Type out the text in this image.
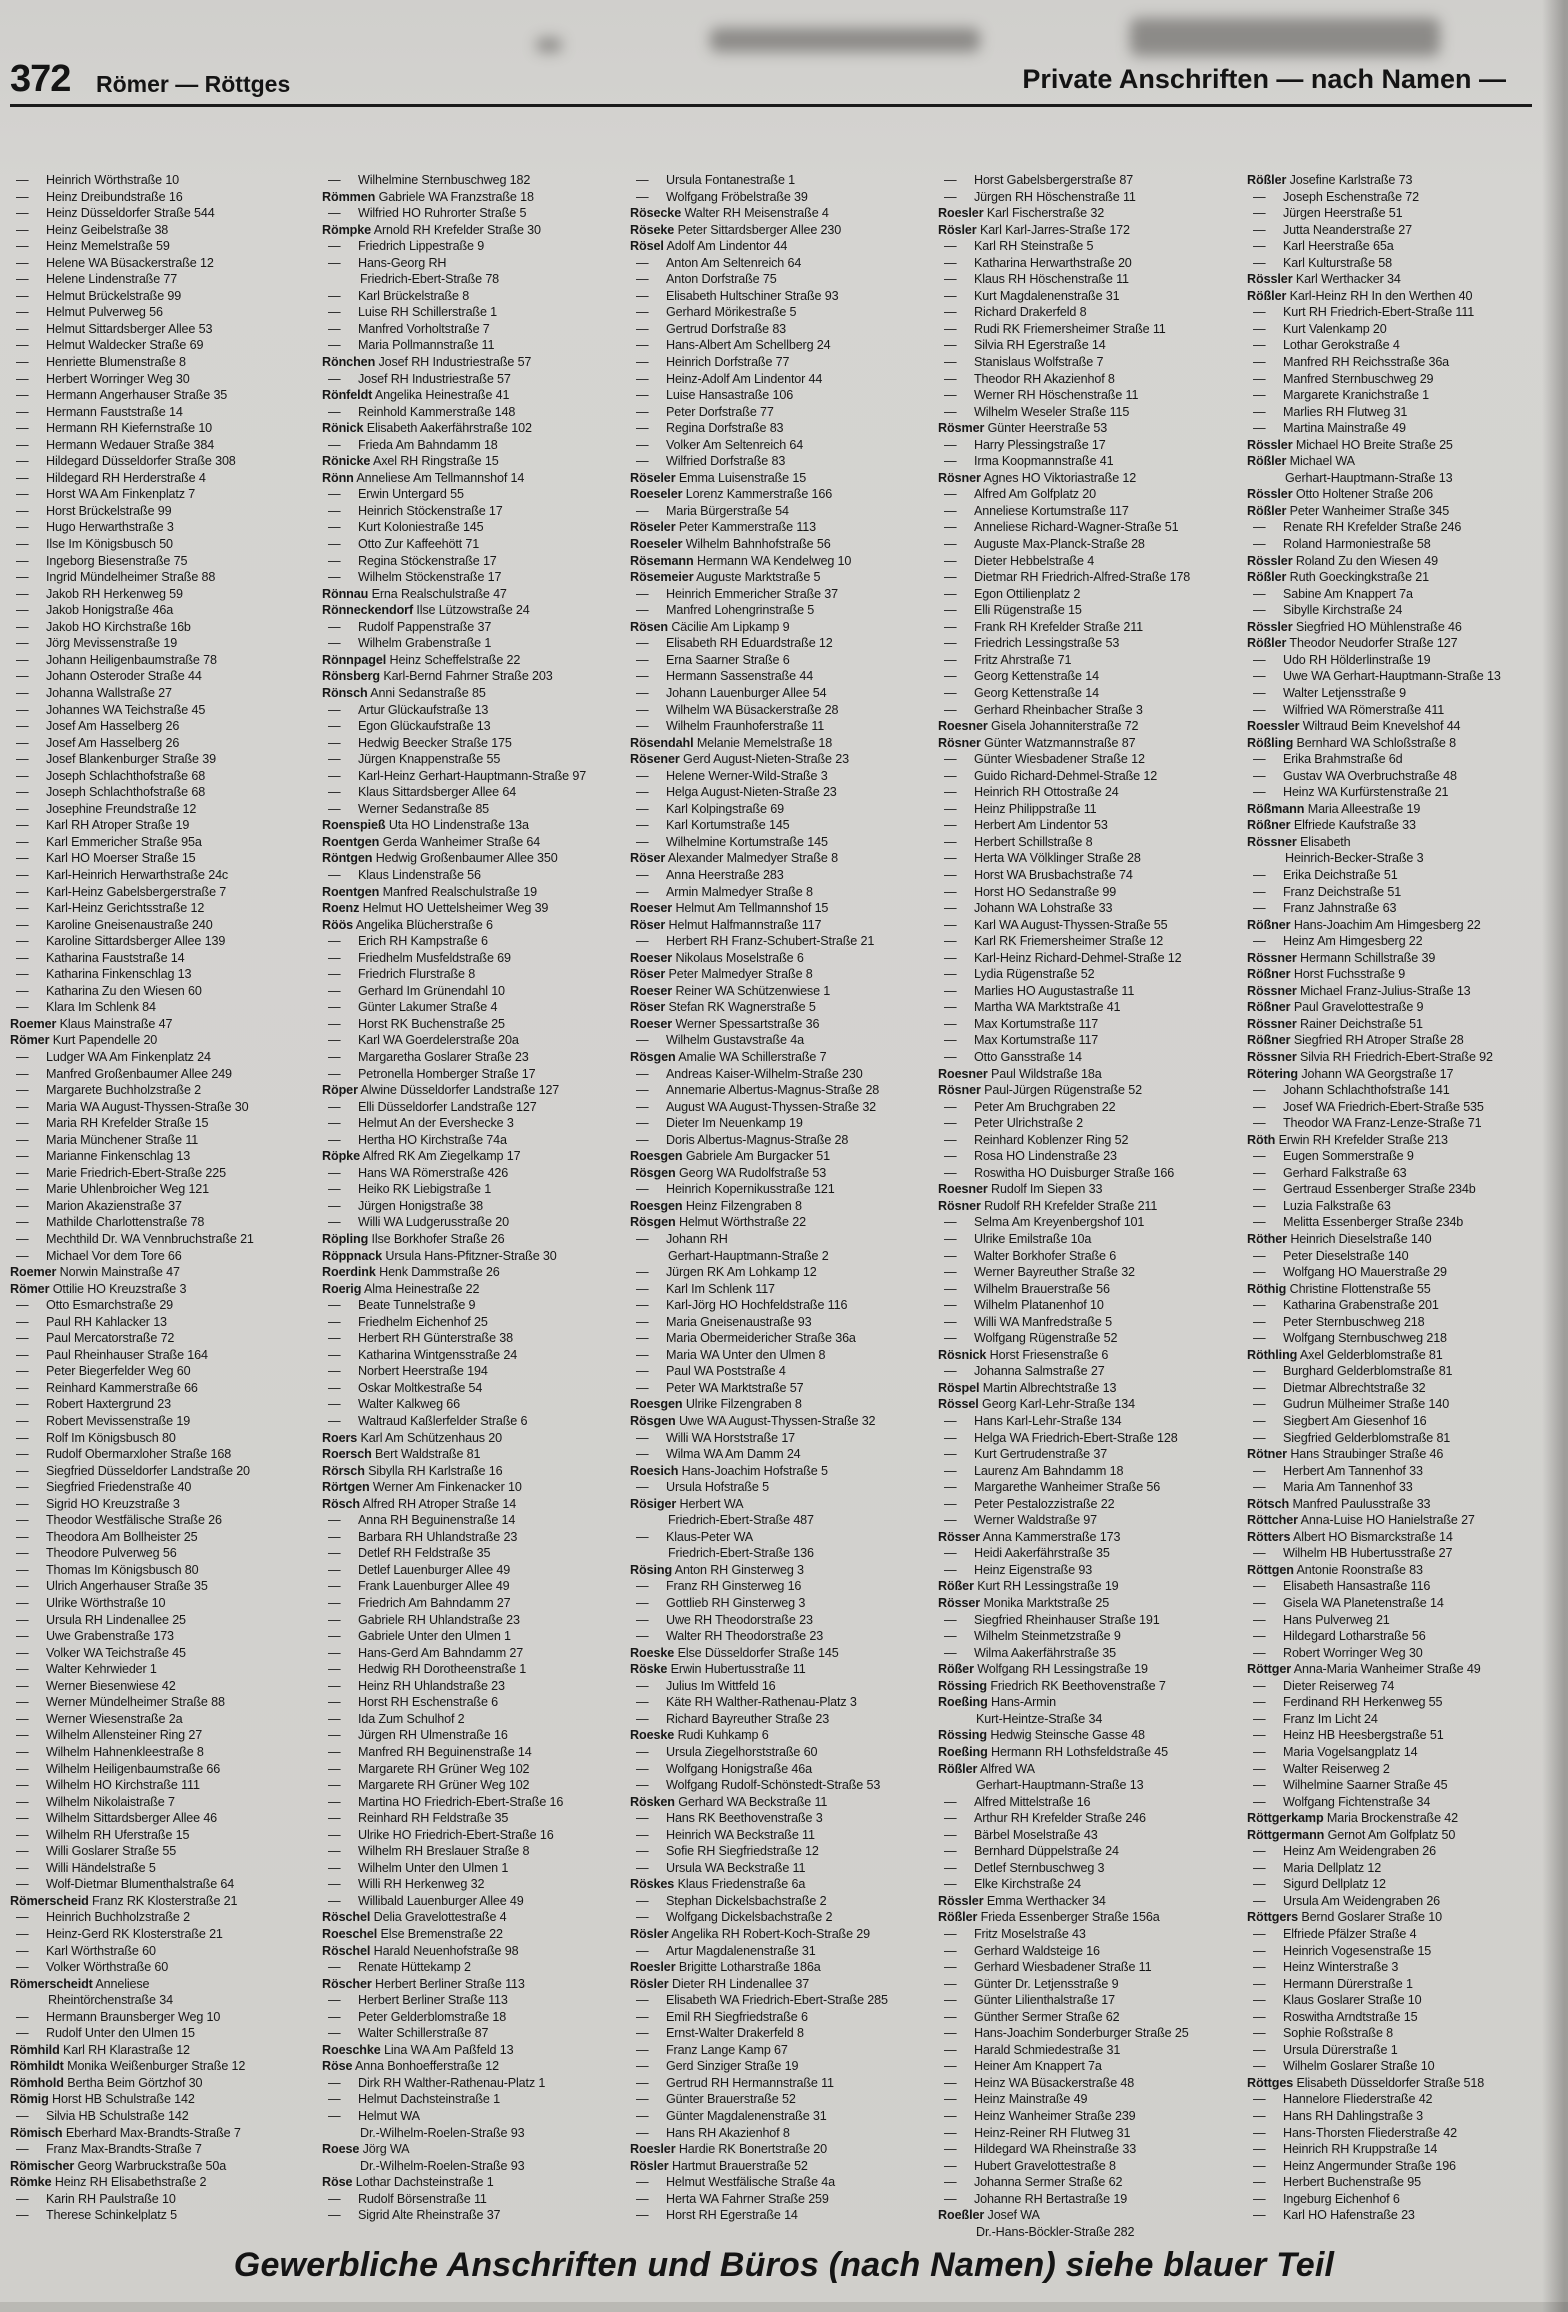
372 Römer — Röttges	Private Anschriften — nach Namen —
— Heinrich Wörthstraße 10
— Heinz Dreibundstraße 16
— Heinz Düsseldorfer Straße 544
— Heinz Geibelstraße 38
— Heinz Memelstraße 59
— Helene WA Büsackerstraße 12
— Helene Lindenstraße 77
— Helmut Brückelstraße 99
— Helmut Pulverweg 56
— Helmut Sittardsberger Allee 53
— Helmut Waldecker Straße 69
— Henriette Blumenstraße 8
— Herbert Worringer Weg 30
— Hermann Angerhauser Straße 35
— Hermann Fauststraße 14
— Hermann RH Kiefernstraße 10
— Hermann Wedauer Straße 384
— Hildegard Düsseldorfer Straße 308
— Hildegard RH Herderstraße 4
— Horst WA Am Finkenplatz 7
— Horst Brückelstraße 99
— Hugo Herwarthstraße 3
— Ilse Im Königsbusch 50
— Ingeborg Biesenstraße 75
— Ingrid Mündelheimer Straße 88
— Jakob RH Herkenweg 59
— Jakob Honigstraße 46a
— Jakob HO Kirchstraße 16b
— Jörg Mevissenstraße 19
— Johann Heiligenbaumstraße 78
— Johann Osteroder Straße 44
— Johanna Wallstraße 27
— Johannes WA Teichstraße 45
— Josef Am Hasselberg 26
— Josef Am Hasselberg 26
— Josef Blankenburger Straße 39
— Joseph Schlachthofstraße 68
— Joseph Schlachthofstraße 68
— Josephine Freundstraße 12
— Karl RH Atroper Straße 19
— Karl Emmericher Straße 95a
— Karl HO Moerser Straße 15
— Karl-Heinrich Herwarthstraße 24c
— Karl-Heinz Gabelsbergerstraße 7
— Karl-Heinz Gerichtsstraße 12
— Karoline Gneisenaustraße 240
— Karoline Sittardsberger Allee 139
— Katharina Fauststraße 14
— Katharina Finkenschlag 13
— Katharina Zu den Wiesen 60
— Klara Im Schlenk 84
Roemer Klaus Mainstraße 47
Römer Kurt Papendelle 20
— Ludger WA Am Finkenplatz 24
— Manfred Großenbaumer Allee 249
— Margarete Buchholzstraße 2
— Maria WA August-Thyssen-Straße 30
— Maria RH Krefelder Straße 15
— Maria Münchener Straße 11
— Marianne Finkenschlag 13
— Marie Friedrich-Ebert-Straße 225
— Marie Uhlenbroicher Weg 121
— Marion Akazienstraße 37
— Mathilde Charlottenstraße 78
— Mechthild Dr. WA Vennbruchstraße 21
— Michael Vor dem Tore 66
Roemer Norwin Mainstraße 47
Römer Ottilie HO Kreuzstraße 3
— Otto Esmarchstraße 29
— Paul RH Kahlacker 13
— Paul Mercatorstraße 72
— Paul Rheinhauser Straße 164
— Peter Biegerfelder Weg 60
— Reinhard Kammerstraße 66
— Robert Haxtergrund 23
— Robert Mevissenstraße 19
— Rolf Im Königsbusch 80
— Rudolf Obermarxloher Straße 168
— Siegfried Düsseldorfer Landstraße 20
— Siegfried Friedenstraße 40
— Sigrid HO Kreuzstraße 3
— Theodor Westfälische Straße 26
— Theodora Am Bollheister 25
— Theodore Pulverweg 56
— Thomas Im Königsbusch 80
— Ulrich Angerhauser Straße 35
— Ulrike Wörthstraße 10
— Ursula RH Lindenallee 25
— Uwe Grabenstraße 173
— Volker WA Teichstraße 45
— Walter Kehrwieder 1
— Werner Biesenwiese 42
— Werner Mündelheimer Straße 88
— Werner Wiesenstraße 2a
— Wilhelm Allensteiner Ring 27
— Wilhelm Hahnenkleestraße 8
— Wilhelm Heiligenbaumstraße 66
— Wilhelm HO Kirchstraße 111
— Wilhelm Nikolaistraße 7
— Wilhelm Sittardsberger Allee 46
— Wilhelm RH Uferstraße 15
— Willi Goslarer Straße 55
— Willi Händelstraße 5
— Wolf-Dietmar Blumenthalstraße 64
Römerscheid Franz RK Klosterstraße 21
— Heinrich Buchholzstraße 2
— Heinz-Gerd RK Klosterstraße 21
— Karl Wörthstraße 60
— Volker Wörthstraße 60
Römerscheidt Anneliese
Rheintörchenstraße 34
— Hermann Braunsberger Weg 10
— Rudolf Unter den Ulmen 15
Römhild Karl RH Klarastraße 12
Römhildt Monika Weißenburger Straße 12
Römhold Bertha Beim Görtzhof 30
Römig Horst HB Schulstraße 142
— Silvia HB Schulstraße 142
Römisch Eberhard Max-Brandts-Straße 7
— Franz Max-Brandts-Straße 7
Römischer Georg Warbruckstraße 50a
Römke Heinz RH Elisabethstraße 2
— Karin RH Paulstraße 10
— Therese Schinkelplatz 5
— Wilhelmine Sternbuschweg 182
Römmen Gabriele WA Franzstraße 18
— Wilfried HO Ruhrorter Straße 5
Römpke Arnold RH Krefelder Straße 30
— Friedrich Lippestraße 9
— Hans-Georg RH
Friedrich-Ebert-Straße 78
— Karl Brückelstraße 8
— Luise RH Schillerstraße 1
— Manfred Vorholtstraße 7
— Maria Pollmannstraße 11
Rönchen Josef RH Industriestraße 57
— Josef RH Industriestraße 57
Rönfeldt Angelika Heinestraße 41
— Reinhold Kammerstraße 148
Rönick Elisabeth Aakerfährstraße 102
— Frieda Am Bahndamm 18
Rönicke Axel RH Ringstraße 15
Rönn Anneliese Am Tellmannshof 14
— Erwin Untergard 55
— Heinrich Stöckenstraße 17
— Kurt Koloniestraße 145
— Otto Zur Kaffeehött 71
— Regina Stöckenstraße 17
— Wilhelm Stöckenstraße 17
Rönnau Erna Realschulstraße 47
Rönneckendorf Ilse Lützowstraße 24
— Rudolf Pappenstraße 37
— Wilhelm Grabenstraße 1
Rönnpagel Heinz Scheffelstraße 22
Rönsberg Karl-Bernd Fahrner Straße 203
Rönsch Anni Sedanstraße 85
— Artur Glückaufstraße 13
— Egon Glückaufstraße 13
— Hedwig Beecker Straße 175
— Jürgen Knappenstraße 55
— Karl-Heinz Gerhart-Hauptmann-Straße 97
— Klaus Sittardsberger Allee 64
— Werner Sedanstraße 85
Roenspieß Uta HO Lindenstraße 13a
Roentgen Gerda Wanheimer Straße 64
Röntgen Hedwig Großenbaumer Allee 350
— Klaus Lindenstraße 56
Roentgen Manfred Realschulstraße 19
Roenz Helmut HO Uettelsheimer Weg 39
Röös Angelika Blücherstraße 6
— Erich RH Kampstraße 6
— Friedhelm Musfeldstraße 69
— Friedrich Flurstraße 8
— Gerhard Im Grünendahl 10
— Günter Lakumer Straße 4
— Horst RK Buchenstraße 25
— Karl WA Goerdelerstraße 20a
— Margaretha Goslarer Straße 23
— Petronella Homberger Straße 17
Röper Alwine Düsseldorfer Landstraße 127
— Elli Düsseldorfer Landstraße 127
— Helmut An der Evershecke 3
— Hertha HO Kirchstraße 74a
Röpke Alfred RK Am Ziegelkamp 17
— Hans WA Römerstraße 426
— Heiko RK Liebigstraße 1
— Jürgen Honigstraße 38
— Willi WA Ludgerusstraße 20
Röpling Ilse Borkhofer Straße 26
Röppnack Ursula Hans-Pfitzner-Straße 30
Roerdink Henk Dammstraße 26
Roerig Alma Heinestraße 22
— Beate Tunnelstraße 9
— Friedhelm Eichenhof 25
— Herbert RH Günterstraße 38
— Katharina Wintgensstraße 24
— Norbert Heerstraße 194
— Oskar Moltkestraße 54
— Walter Kalkweg 66
— Waltraud Kaßlerfelder Straße 6
Roers Karl Am Schützenhaus 20
Roersch Bert Waldstraße 81
Rörsch Sibylla RH Karlstraße 16
Rörtgen Werner Am Finkenacker 10
Rösch Alfred RH Atroper Straße 14
— Anna RH Beguinenstraße 14
— Barbara RH Uhlandstraße 23
— Detlef RH Feldstraße 35
— Detlef Lauenburger Allee 49
— Frank Lauenburger Allee 49
— Friedrich Am Bahndamm 27
— Gabriele RH Uhlandstraße 23
— Gabriele Unter den Ulmen 1
— Hans-Gerd Am Bahndamm 27
— Hedwig RH Dorotheenstraße 1
— Heinz RH Uhlandstraße 23
— Horst RH Eschenstraße 6
— Ida Zum Schulhof 2
— Jürgen RH Ulmenstraße 16
— Manfred RH Beguinenstraße 14
— Margarete RH Grüner Weg 102
— Margarete RH Grüner Weg 102
— Martina HO Friedrich-Ebert-Straße 16
— Reinhard RH Feldstraße 35
— Ulrike HO Friedrich-Ebert-Straße 16
— Wilhelm RH Breslauer Straße 8
— Wilhelm Unter den Ulmen 1
— Willi RH Herkenweg 32
— Willibald Lauenburger Allee 49
Röschel Delia Gravelottestraße 4
Roeschel Else Bremenstraße 22
Röschel Harald Neuenhofstraße 98
— Renate Hüttekamp 2
Röscher Herbert Berliner Straße 113
— Herbert Berliner Straße 113
— Peter Gelderblomstraße 18
— Walter Schillerstraße 87
Roeschke Lina WA Am Paßfeld 13
Röse Anna Bonhoefferstraße 12
— Dirk RH Walther-Rathenau-Platz 1
— Helmut Dachsteinstraße 1
— Helmut WA
Dr.-Wilhelm-Roelen-Straße 93
Roese Jörg WA
Dr.-Wilhelm-Roelen-Straße 93
Röse Lothar Dachsteinstraße 1
— Rudolf Börsenstraße 11
— Sigrid Alte Rheinstraße 37
— Ursula Fontanestraße 1
— Wolfgang Fröbelstraße 39
Rösecke Walter RH Meisenstraße 4
Röseke Peter Sittardsberger Allee 230
Rösel Adolf Am Lindentor 44
— Anton Am Seltenreich 64
— Anton Dorfstraße 75
— Elisabeth Hultschiner Straße 93
— Gerhard Mörikestraße 5
— Gertrud Dorfstraße 83
— Hans-Albert Am Schellberg 24
— Heinrich Dorfstraße 77
— Heinz-Adolf Am Lindentor 44
— Luise Hansastraße 106
— Peter Dorfstraße 77
— Regina Dorfstraße 83
— Volker Am Seltenreich 64
— Wilfried Dorfstraße 83
Röseler Emma Luisenstraße 15
Roeseler Lorenz Kammerstraße 166
— Maria Bürgerstraße 54
Röseler Peter Kammerstraße 113
Roeseler Wilhelm Bahnhofstraße 56
Rösemann Hermann WA Kendelweg 10
Rösemeier Auguste Marktstraße 5
— Heinrich Emmericher Straße 37
— Manfred Lohengrinstraße 5
Rösen Cäcilie Am Lipkamp 9
— Elisabeth RH Eduardstraße 12
— Erna Saarner Straße 6
— Hermann Sassenstraße 44
— Johann Lauenburger Allee 54
— Wilhelm WA Büsackerstraße 28
— Wilhelm Fraunhoferstraße 11
Rösendahl Melanie Memelstraße 18
Rösener Gerd August-Nieten-Straße 23
— Helene Werner-Wild-Straße 3
— Helga August-Nieten-Straße 23
— Karl Kolpingstraße 69
— Karl Kortumstraße 145
— Wilhelmine Kortumstraße 145
Röser Alexander Malmedyer Straße 8
— Anna Heerstraße 283
— Armin Malmedyer Straße 8
Roeser Helmut Am Tellmannshof 15
Röser Helmut Halfmannstraße 117
— Herbert RH Franz-Schubert-Straße 21
Roeser Nikolaus Moselstraße 6
Röser Peter Malmedyer Straße 8
Roeser Reiner WA Schützenwiese 1
Röser Stefan RK Wagnerstraße 5
Roeser Werner Spessartstraße 36
— Wilhelm Gustavstraße 4a
Rösgen Amalie WA Schillerstraße 7
— Andreas Kaiser-Wilhelm-Straße 230
— Annemarie Albertus-Magnus-Straße 28
— August WA August-Thyssen-Straße 32
— Dieter Im Neuenkamp 19
— Doris Albertus-Magnus-Straße 28
Roesgen Gabriele Am Burgacker 51
Rösgen Georg WA Rudolfstraße 53
— Heinrich Kopernikusstraße 121
Roesgen Heinz Filzengraben 8
Rösgen Helmut Wörthstraße 22
— Johann RH
Gerhart-Hauptmann-Straße 2
— Jürgen RK Am Lohkamp 12
— Karl Im Schlenk 117
— Karl-Jörg HO Hochfeldstraße 116
— Maria Gneisenaustraße 93
— Maria Obermeidericher Straße 36a
— Maria WA Unter den Ulmen 8
— Paul WA Poststraße 4
— Peter WA Marktstraße 57
Roesgen Ulrike Filzengraben 8
Rösgen Uwe WA August-Thyssen-Straße 32
— Willi WA Horststraße 17
— Wilma WA Am Damm 24
Roesich Hans-Joachim Hofstraße 5
— Ursula Hofstraße 5
Rösiger Herbert WA
Friedrich-Ebert-Straße 487
— Klaus-Peter WA
Friedrich-Ebert-Straße 136
Rösing Anton RH Ginsterweg 3
— Franz RH Ginsterweg 16
— Gottlieb RH Ginsterweg 3
— Uwe RH Theodorstraße 23
— Walter RH Theodorstraße 23
Roeske Else Düsseldorfer Straße 145
Röske Erwin Hubertusstraße 11
— Julius Im Wittfeld 16
— Käte RH Walther-Rathenau-Platz 3
— Richard Bayreuther Straße 23
Roeske Rudi Kuhkamp 6
— Ursula Ziegelhorststraße 60
— Wolfgang Honigstraße 46a
— Wolfgang Rudolf-Schönstedt-Straße 53
Rösken Gerhard WA Beckstraße 11
— Hans RK Beethovenstraße 3
— Heinrich WA Beckstraße 11
— Sofie RH Siegfriedstraße 12
— Ursula WA Beckstraße 11
Röskes Klaus Friedenstraße 6a
— Stephan Dickelsbachstraße 2
— Wolfgang Dickelsbachstraße 2
Rösler Angelika RH Robert-Koch-Straße 29
— Artur Magdalenenstraße 31
Roesler Brigitte Lotharstraße 186a
Rösler Dieter RH Lindenallee 37
— Elisabeth WA Friedrich-Ebert-Straße 285
— Emil RH Siegfriedstraße 6
— Ernst-Walter Drakerfeld 8
— Franz Lange Kamp 67
— Gerd Sinziger Straße 19
— Gertrud RH Hermannstraße 11
— Günter Brauerstraße 52
— Günter Magdalenenstraße 31
— Hans RH Akazienhof 8
Roesler Hardie RK Bonertstraße 20
Rösler Hartmut Brauerstraße 52
— Helmut Westfälische Straße 4a
— Herta WA Fahrner Straße 259
— Horst RH Egerstraße 14
— Horst Gabelsbergerstraße 87
— Jürgen RH Höschenstraße 11
Roesler Karl Fischerstraße 32
Rösler Karl Karl-Jarres-Straße 172
— Karl RH Steinstraße 5
— Katharina Herwarthstraße 20
— Klaus RH Höschenstraße 11
— Kurt Magdalenenstraße 31
— Richard Drakerfeld 8
— Rudi RK Friemersheimer Straße 11
— Silvia RH Egerstraße 14
— Stanislaus Wolfstraße 7
— Theodor RH Akazienhof 8
— Werner RH Höschenstraße 11
— Wilhelm Weseler Straße 115
Rösmer Günter Heerstraße 53
— Harry Plessingstraße 17
— Irma Koopmannstraße 41
Rösner Agnes HO Viktoriastraße 12
— Alfred Am Golfplatz 20
— Anneliese Kortumstraße 117
— Anneliese Richard-Wagner-Straße 51
— Auguste Max-Planck-Straße 28
— Dieter Hebbelstraße 4
— Dietmar RH Friedrich-Alfred-Straße 178
— Egon Ottilienplatz 2
— Elli Rügenstraße 15
— Frank RH Krefelder Straße 211
— Friedrich Lessingstraße 53
— Fritz Ahrstraße 71
— Georg Kettenstraße 14
— Georg Kettenstraße 14
— Gerhard Rheinbacher Straße 3
Roesner Gisela Johanniterstraße 72
Rösner Günter Watzmannstraße 87
— Günter Wiesbadener Straße 12
— Guido Richard-Dehmel-Straße 12
— Heinrich RH Ottostraße 24
— Heinz Philippstraße 11
— Herbert Am Lindentor 53
— Herbert Schillstraße 8
— Herta WA Völklinger Straße 28
— Horst WA Brusbachstraße 74
— Horst HO Sedanstraße 99
— Johann WA Lohstraße 33
— Karl WA August-Thyssen-Straße 55
— Karl RK Friemersheimer Straße 12
— Karl-Heinz Richard-Dehmel-Straße 12
— Lydia Rügenstraße 52
— Marlies HO Augustastraße 11
— Martha WA Marktstraße 41
— Max Kortumstraße 117
— Max Kortumstraße 117
— Otto Gansstraße 14
Roesner Paul Wildstraße 18a
Rösner Paul-Jürgen Rügenstraße 52
— Peter Am Bruchgraben 22
— Peter Ulrichstraße 2
— Reinhard Koblenzer Ring 52
— Rosa HO Lindenstraße 23
— Roswitha HO Duisburger Straße 166
Roesner Rudolf Im Siepen 33
Rösner Rudolf RH Krefelder Straße 211
— Selma Am Kreyenbergshof 101
— Ulrike Emilstraße 10a
— Walter Borkhofer Straße 6
— Werner Bayreuther Straße 32
— Wilhelm Brauerstraße 56
— Wilhelm Platanenhof 10
— Willi WA Manfredstraße 5
— Wolfgang Rügenstraße 52
Rösnick Horst Friesenstraße 6
— Johanna Salmstraße 27
Röspel Martin Albrechtstraße 13
Rössel Georg Karl-Lehr-Straße 134
— Hans Karl-Lehr-Straße 134
— Helga WA Friedrich-Ebert-Straße 128
— Kurt Gertrudenstraße 37
— Laurenz Am Bahndamm 18
— Margarethe Wanheimer Straße 56
— Peter Pestalozzistraße 22
— Werner Waldstraße 97
Rösser Anna Kammerstraße 173
— Heidi Aakerfährstraße 35
— Heinz Eigenstraße 93
Rößer Kurt RH Lessingstraße 19
Rösser Monika Marktstraße 25
— Siegfried Rheinhauser Straße 191
— Wilhelm Steinmetzstraße 9
— Wilma Aakerfährstraße 35
Rößer Wolfgang RH Lessingstraße 19
Rössing Friedrich RK Beethovenstraße 7
Roeßing Hans-Armin
Kurt-Heintze-Straße 34
Rössing Hedwig Steinsche Gasse 48
Roeßing Hermann RH Lothsfeldstraße 45
Rößler Alfred WA
Gerhart-Hauptmann-Straße 13
— Alfred Mittelstraße 16
— Arthur RH Krefelder Straße 246
— Bärbel Moselstraße 43
— Bernhard Düppelstraße 24
— Detlef Sternbuschweg 3
— Elke Kirchstraße 24
Rössler Emma Werthacker 34
Rößler Frieda Essenberger Straße 156a
— Fritz Moselstraße 43
— Gerhard Waldsteige 16
— Gerhard Wiesbadener Straße 11
— Günter Dr. Letjensstraße 9
— Günter Lilienthalstraße 17
— Günther Sermer Straße 62
— Hans-Joachim Sonderburger Straße 25
— Harald Schmiedestraße 31
— Heiner Am Knappert 7a
— Heinz WA Büsackerstraße 48
— Heinz Mainstraße 49
— Heinz Wanheimer Straße 239
— Heinz-Reiner RH Flutweg 31
— Hildegard WA Rheinstraße 33
— Hubert Gravelottestraße 8
— Johanna Sermer Straße 62
— Johanne RH Bertastraße 19
Roeßler Josef WA
Dr.-Hans-Böckler-Straße 282
Rößler Josefine Karlstraße 73
— Joseph Eschenstraße 72
— Jürgen Heerstraße 51
— Jutta Neanderstraße 27
— Karl Heerstraße 65a
— Karl Kulturstraße 58
Rössler Karl Werthacker 34
Rößler Karl-Heinz RH In den Werthen 40
— Kurt RH Friedrich-Ebert-Straße 111
— Kurt Valenkamp 20
— Lothar Gerokstraße 4
— Manfred RH Reichsstraße 36a
— Manfred Sternbuschweg 29
— Margarete Kranichstraße 1
— Marlies RH Flutweg 31
— Martina Mainstraße 49
Rössler Michael HO Breite Straße 25
Rößler Michael WA
Gerhart-Hauptmann-Straße 13
Rössler Otto Holtener Straße 206
Rößler Peter Wanheimer Straße 345
— Renate RH Krefelder Straße 246
— Roland Harmoniestraße 58
Rössler Roland Zu den Wiesen 49
Rößler Ruth Goeckingkstraße 21
— Sabine Am Knappert 7a
— Sibylle Kirchstraße 24
Rössler Siegfried HO Mühlenstraße 46
Rößler Theodor Neudorfer Straße 127
— Udo RH Hölderlinstraße 19
— Uwe WA Gerhart-Hauptmann-Straße 13
— Walter Letjensstraße 9
— Wilfried WA Römerstraße 411
Roessler Wiltraud Beim Knevelshof 44
Rößling Bernhard WA Schloßstraße 8
— Erika Brahmstraße 6d
— Gustav WA Overbruchstraße 48
— Heinz WA Kurfürstenstraße 21
Rößmann Maria Alleestraße 19
Rößner Elfriede Kaufstraße 33
Rössner Elisabeth
Heinrich-Becker-Straße 3
— Erika Deichstraße 51
— Franz Deichstraße 51
— Franz Jahnstraße 63
Rößner Hans-Joachim Am Himgesberg 22
— Heinz Am Himgesberg 22
Rössner Hermann Schillstraße 39
Rößner Horst Fuchsstraße 9
Rössner Michael Franz-Julius-Straße 13
Rößner Paul Gravelottestraße 9
Rössner Rainer Deichstraße 51
Rößner Siegfried RH Atroper Straße 28
Rössner Silvia RH Friedrich-Ebert-Straße 92
Rötering Johann WA Georgstraße 17
— Johann Schlachthofstraße 141
— Josef WA Friedrich-Ebert-Straße 535
— Theodor WA Franz-Lenze-Straße 71
Röth Erwin RH Krefelder Straße 213
— Eugen Sommerstraße 9
— Gerhard Falkstraße 63
— Gertraud Essenberger Straße 234b
— Luzia Falkstraße 63
— Melitta Essenberger Straße 234b
Röther Heinrich Dieselstraße 140
— Peter Dieselstraße 140
— Wolfgang HO Mauerstraße 29
Röthig Christine Flottenstraße 55
— Katharina Grabenstraße 201
— Peter Sternbuschweg 218
— Wolfgang Sternbuschweg 218
Röthling Axel Gelderblomstraße 81
— Burghard Gelderblomstraße 81
— Dietmar Albrechtstraße 32
— Gudrun Mülheimer Straße 140
— Siegbert Am Giesenhof 16
— Siegfried Gelderblomstraße 81
Rötner Hans Straubinger Straße 46
— Herbert Am Tannenhof 33
— Maria Am Tannenhof 33
Rötsch Manfred Paulusstraße 33
Röttcher Anna-Luise HO Hanielstraße 27
Rötters Albert HO Bismarckstraße 14
— Wilhelm HB Hubertusstraße 27
Röttgen Antonie Roonstraße 83
— Elisabeth Hansastraße 116
— Gisela WA Planetenstraße 14
— Hans Pulverweg 21
— Hildegard Lotharstraße 56
— Robert Worringer Weg 30
Röttger Anna-Maria Wanheimer Straße 49
— Dieter Reiserweg 74
— Ferdinand RH Herkenweg 55
— Franz Im Licht 24
— Heinz HB Heesbergstraße 51
— Maria Vogelsangplatz 14
— Walter Reiserweg 2
— Wilhelmine Saarner Straße 45
— Wolfgang Fichtenstraße 34
Röttgerkamp Maria Brockenstraße 42
Röttgermann Gernot Am Golfplatz 50
— Heinz Am Weidengraben 26
— Maria Dellplatz 12
— Sigurd Dellplatz 12
— Ursula Am Weidengraben 26
Röttgers Bernd Goslarer Straße 10
— Elfriede Pfälzer Straße 4
— Heinrich Vogesenstraße 15
— Heinz Winterstraße 3
— Hermann Dürerstraße 1
— Klaus Goslarer Straße 10
— Roswitha Arndtstraße 15
— Sophie Roßstraße 8
— Ursula Dürerstraße 1
— Wilhelm Goslarer Straße 10
Röttges Elisabeth Düsseldorfer Straße 518
— Hannelore Fliederstraße 42
— Hans RH Dahlingstraße 3
— Hans-Thorsten Fliederstraße 42
— Heinrich RH Kruppstraße 14
— Heinz Angermunder Straße 196
— Herbert Buchenstraße 95
— Ingeburg Eichenhof 6
— Karl HO Hafenstraße 23
Gewerbliche Anschriften und Büros (nach Namen) siehe blauer Teil
